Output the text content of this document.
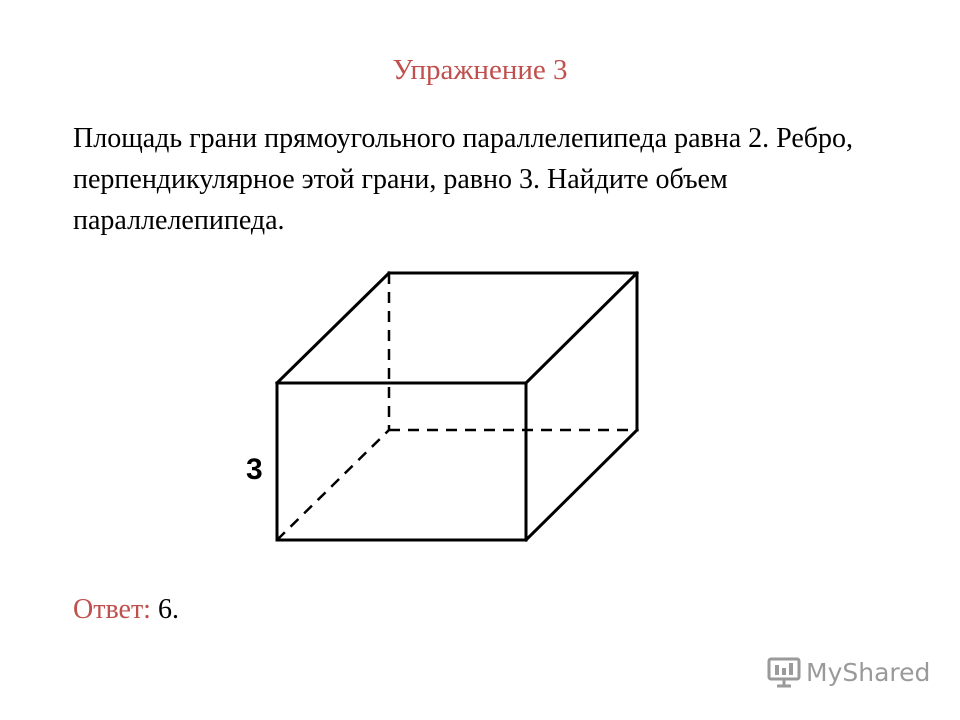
Упражнение 3

Площадь грани прямоугольного параллелепипеда равна 2. Ребро, перпендикулярное этой грани, равно 3. Найдите объем параллелепипеда.

3
Ответ: 6.
MyShared
